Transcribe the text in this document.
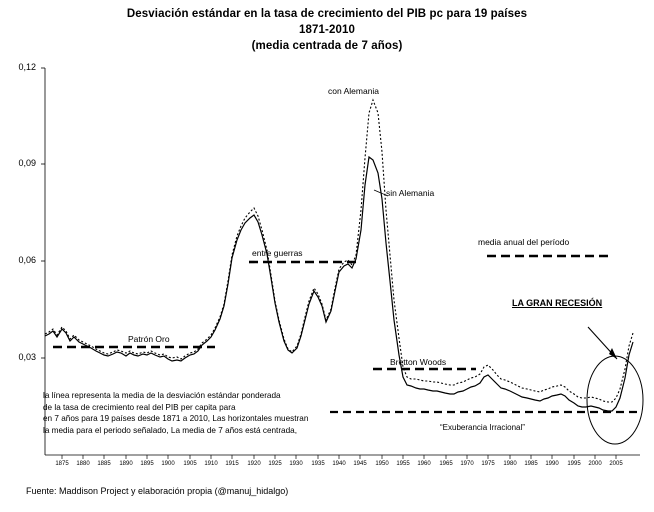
Desviación estándar en la tasa de crecimiento del PIB pc para 19 países
1871-2010
(media centrada de 7 años)
0,12
0,09
0,06
0,03
1875	1880	1885	1890	1895	1900	1905	1910	1915	1920	1925	1930	1935	1940	1945	1950	1955	1960	1965	1970	1975	1980	1985	1990	1995	2000	2005
con Alemania
sin Alemania
entre guerras
Patrón Oro
Bretton Woods
media anual del período
LA GRAN RECESIÓN
“Exuberancia Irracional”
la línea representa la media de la desviación estándar ponderada
de la tasa de crecimiento real del PIB per capita para
en 7 años para 19 países desde 1871 a 2010, Las horizontales muestran
la media para el periodo señalado, La media de 7 años está centrada,
Fuente: Maddison Project y elaboración propia (@manuj_hidalgo)
